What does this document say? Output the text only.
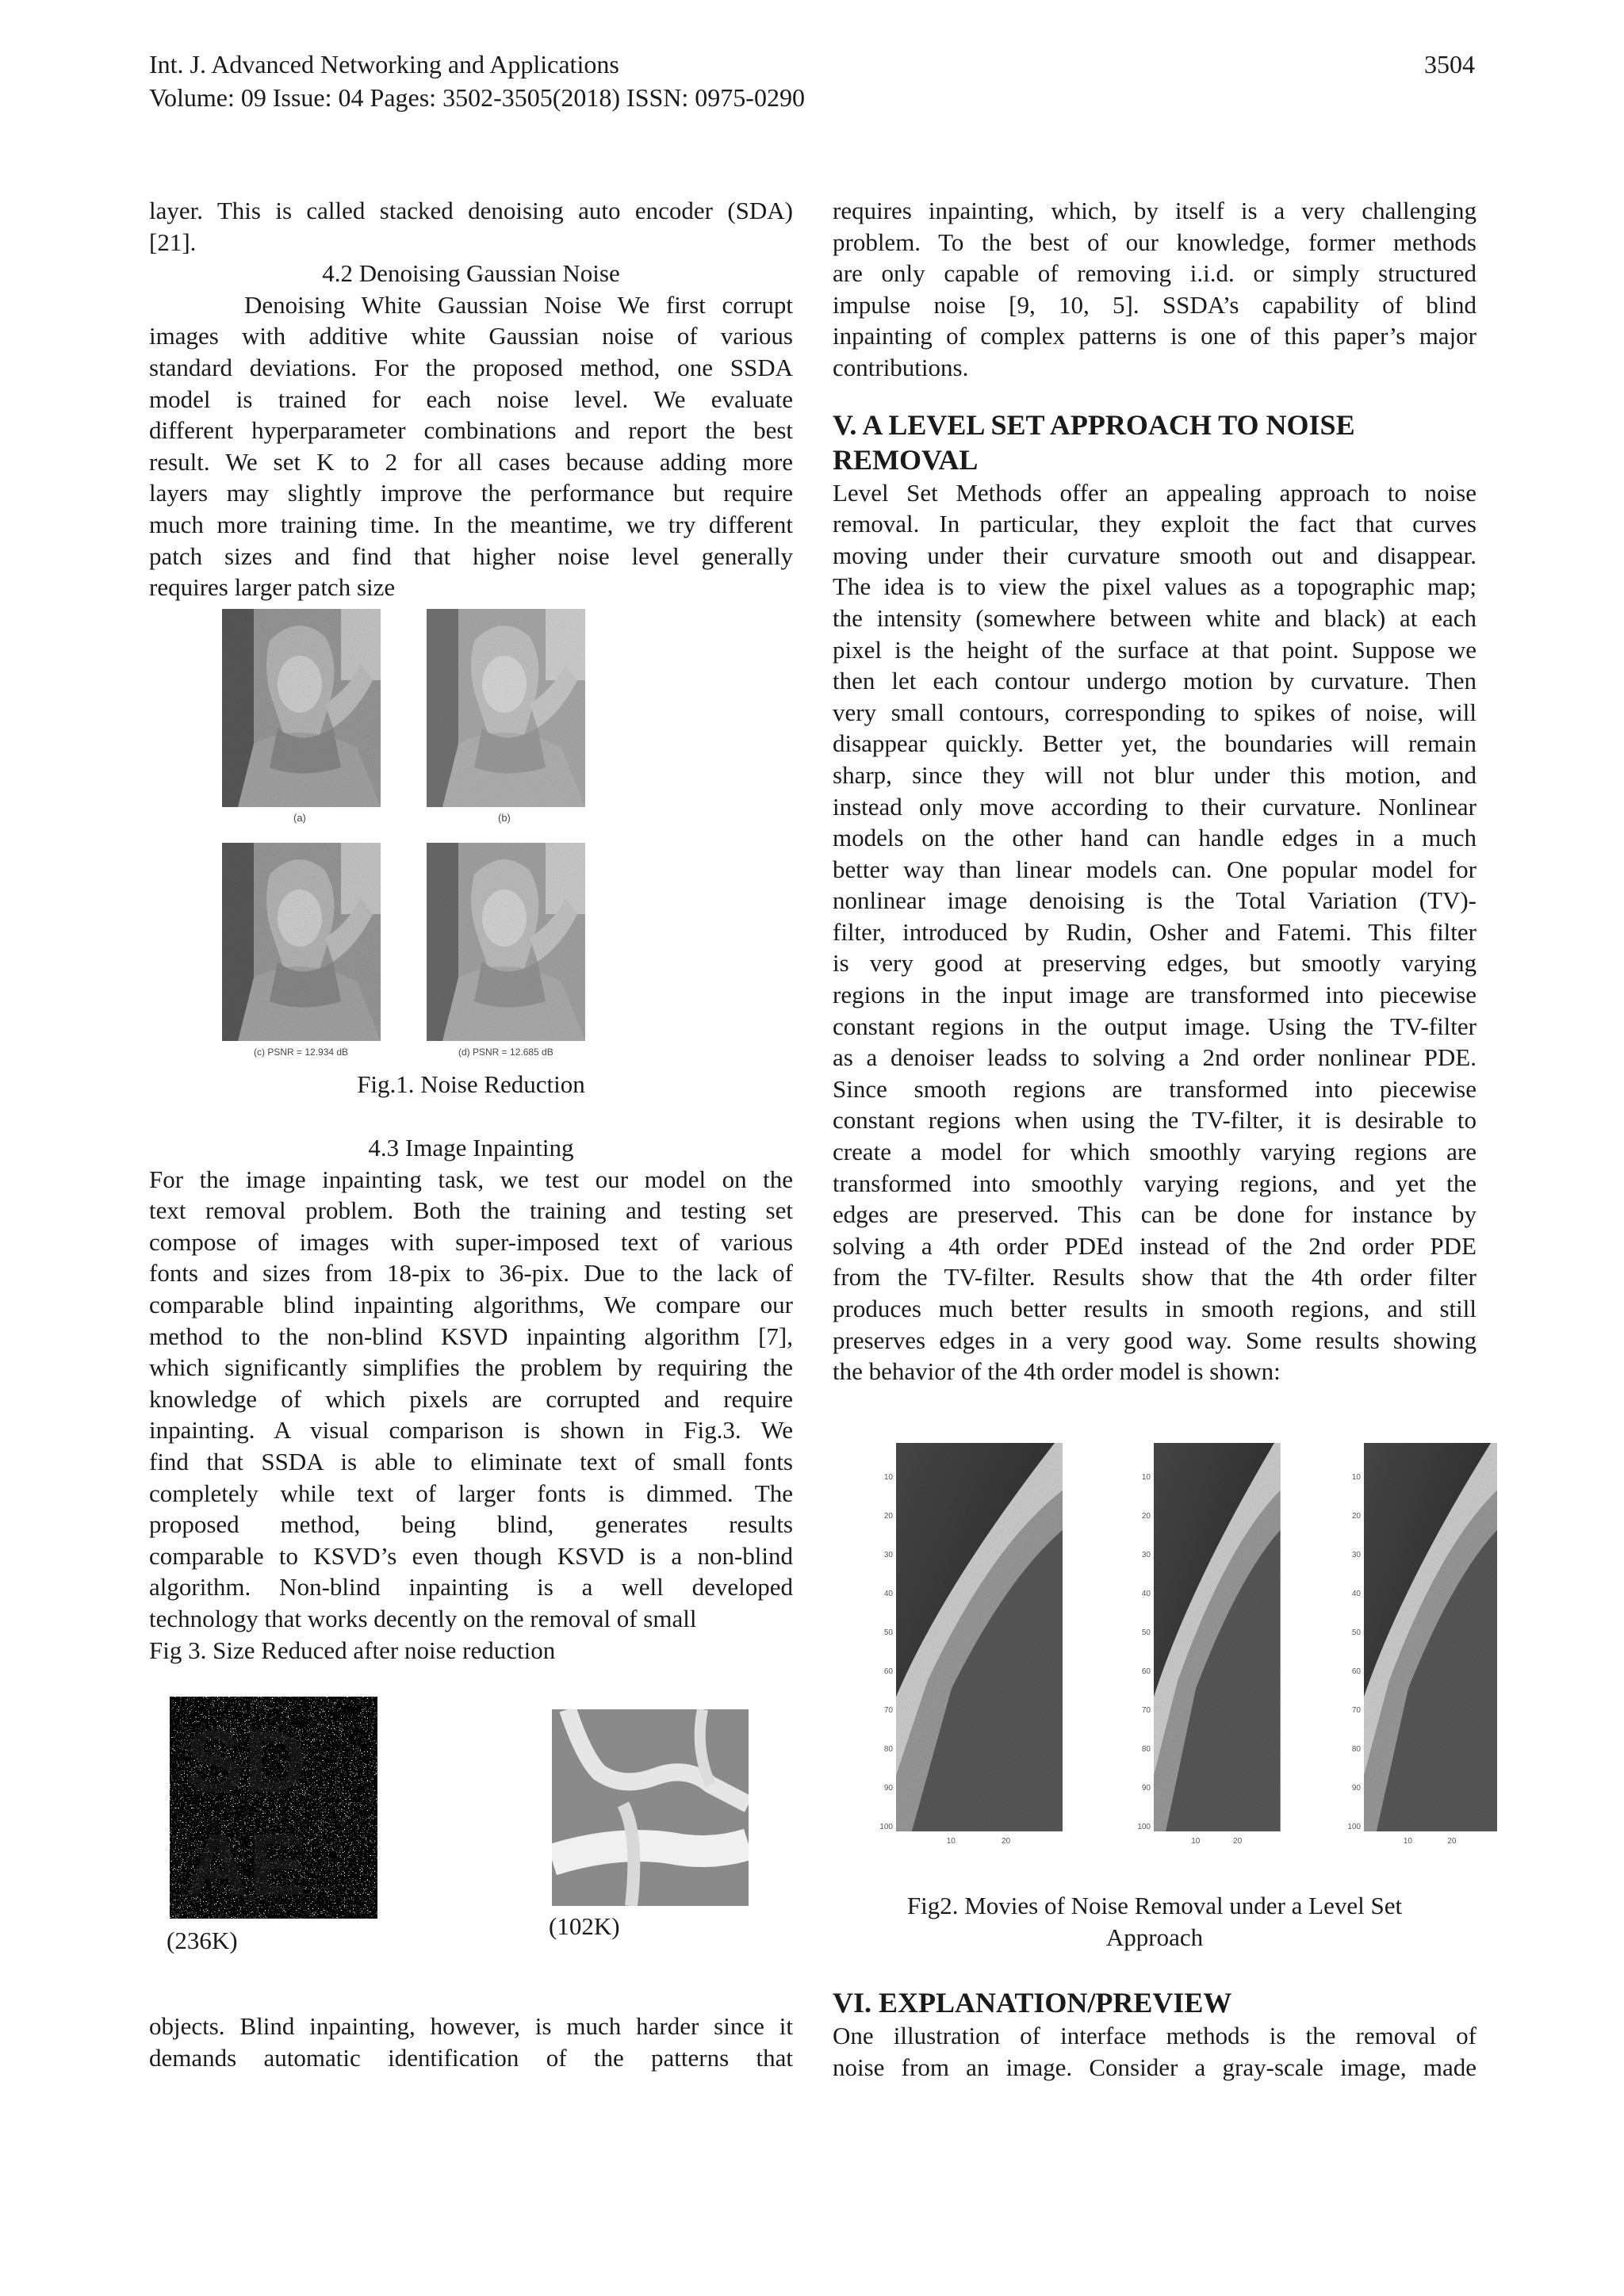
Int. J. Advanced Networking and Applications
Volume: 09 Issue: 04 Pages: 3502-3505(2018) ISSN: 0975-0290
3504

layer. This is called stacked denoising auto encoder (SDA)

[21].

4.2 Denoising Gaussian Noise

Denoising White Gaussian Noise We first corrupt

images with additive white Gaussian noise of various

standard deviations. For the proposed method, one SSDA

model is trained for each noise level. We evaluate

different hyperparameter combinations and report the best

result. We set K to 2 for all cases because adding more

layers may slightly improve the performance but require

much more training time. In the meantime, we try different

patch sizes and find that higher noise level generally

requires larger patch size

(a)	(b)
(c) PSNR = 12.934 dB	(d) PSNR = 12.685 dB
Fig.1. Noise Reduction

4.3 Image Inpainting

For the image inpainting task, we test our model on the

text removal problem. Both the training and testing set

compose of images with super-imposed text of various

fonts and sizes from 18-pix to 36-pix. Due to the lack of

comparable blind inpainting algorithms, We compare our

method to the non-blind KSVD inpainting algorithm [7],

which significantly simplifies the problem by requiring the

knowledge of which pixels are corrupted and require

inpainting. A visual comparison is shown in Fig.3. We

find that SSDA is able to eliminate text of small fonts

completely while text of larger fonts is dimmed. The

proposed method, being blind, generates results

comparable to KSVD’s even though KSVD is a non-blind

algorithm. Non-blind inpainting is a well developed

technology that works decently on the removal of small

Fig 3. Size Reduced after noise reduction

SD
AE
(236K)
(102K)

objects. Blind inpainting, however, is much harder since it

demands automatic identification of the patterns that

requires inpainting, which, by itself is a very challenging

problem. To the best of our knowledge, former methods

are only capable of removing i.i.d. or simply structured

impulse noise [9, 10, 5]. SSDA’s capability of blind

inpainting of complex patterns is one of this paper’s major

contributions.

V. A LEVEL SET APPROACH TO NOISE

REMOVAL

Level Set Methods offer an appealing approach to noise

removal. In particular, they exploit the fact that curves

moving under their curvature smooth out and disappear.

The idea is to view the pixel values as a topographic map;

the intensity (somewhere between white and black) at each

pixel is the height of the surface at that point. Suppose we

then let each contour undergo motion by curvature. Then

very small contours, corresponding to spikes of noise, will

disappear quickly. Better yet, the boundaries will remain

sharp, since they will not blur under this motion, and

instead only move according to their curvature. Nonlinear

models on the other hand can handle edges in a much

better way than linear models can. One popular model for

nonlinear image denoising is the Total Variation (TV)-

filter, introduced by Rudin, Osher and Fatemi. This filter

is very good at preserving edges, but smootly varying

regions in the input image are transformed into piecewise

constant regions in the output image. Using the TV-filter

as a denoiser leadss to solving a 2nd order nonlinear PDE.

Since smooth regions are transformed into piecewise

constant regions when using the TV-filter, it is desirable to

create a model for which smoothly varying regions are

transformed into smoothly varying regions, and yet the

edges are preserved. This can be done for instance by

solving a 4th order PDEd instead of the 2nd order PDE

from the TV-filter. Results show that the 4th order filter

produces much better results in smooth regions, and still

preserves edges in a very good way. Some results showing

the behavior of the 4th order model is shown:

10
20
30
40
50
60
70
80
90
100
10	20
10
20
30
40
50
60
70
80
90
100
10	20
10
20
30
40
50
60
70
80
90
100
10	20

Fig2. Movies of Noise Removal under a Level Set

Approach

VI. EXPLANATION/PREVIEW

One illustration of interface methods is the removal of

noise from an image. Consider a gray-scale image, made
